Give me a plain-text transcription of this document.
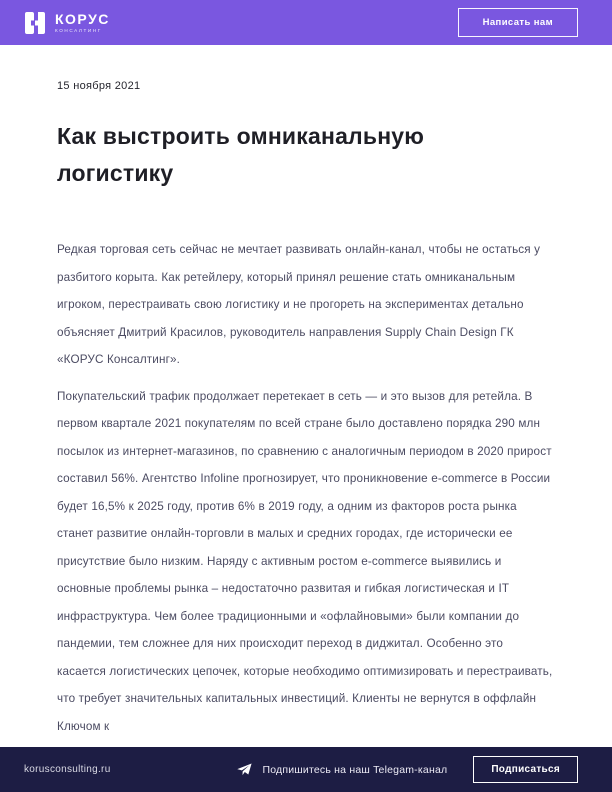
КОРУС
КОНСАЛТИНГ
Написать нам
15 ноября 2021
Как выстроить омниканальную логистику

Редкая торговая сеть сейчас не мечтает развивать онлайн-канал, чтобы не остаться у разбитого корыта. Как ретейлеру, который принял решение стать омниканальным игроком, перестраивать свою логистику и не прогореть на экспериментах детально объясняет Дмитрий Красилов, руководитель направления Supply Chain Design ГК «КОРУС Консалтинг».

Покупательский трафик продолжает перетекает в сеть — и это вызов для ретейла. В первом квартале 2021 покупателям по всей стране было доставлено порядка 290 млн посылок из интернет-магазинов, по сравнению с аналогичным периодом в 2020 прирост составил 56%. Агентство Infoline прогнозирует, что проникновение e-commerce в России будет 16,5% к 2025 году, против 6% в 2019 году, а одним из факторов роста рынка станет развитие онлайн-торговли в малых и средних городах, где исторически ее присутствие было низким. Наряду с активным ростом e-commerce выявились и основные проблемы рынка – недостаточно развитая и гибкая логистическая и IT инфраструктура. Чем более традиционными и «офлайновыми» были компании до пандемии, тем сложнее для них происходит переход в диджитал. Особенно это касается логистических цепочек, которые необходимо оптимизировать и перестраивать, что требует значительных капитальных инвестиций. Клиенты не вернутся в оффлайн Ключом к

korusconsulting.ru	Подпишитесь на наш Telegam-канал	Подписаться
